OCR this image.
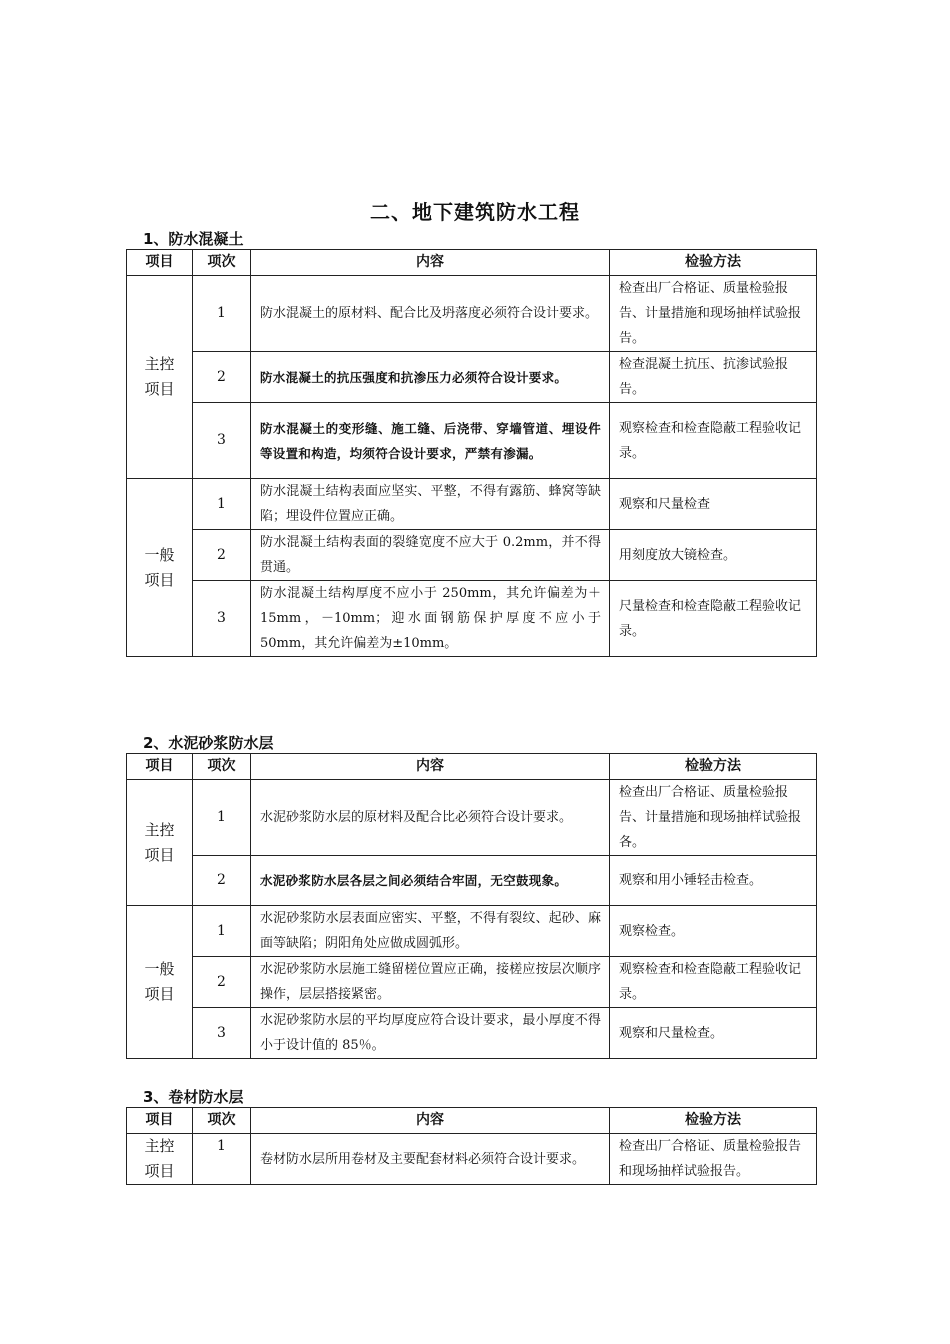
二、地下建筑防水工程
1、防水混凝土
项目	项次	内容	检验方法
主控项目	1	防水混凝土的原材料、配合比及坍落度必须符合设计要求。	检查出厂合格证、质量检验报告、计量措施和现场抽样试验报告。
	2	防水混凝土的抗压强度和抗渗压力必须符合设计要求。	检查混凝土抗压、抗渗试验报告。
	3	防水混凝土的变形缝、施工缝、后浇带、穿墙管道、埋设件等设置和构造，均须符合设计要求，严禁有渗漏。	观察检查和检查隐蔽工程验收记录。
一般项目	1	防水混凝土结构表面应坚实、平整，不得有露筋、蜂窝等缺陷；埋设件位置应正确。	观察和尺量检查
	2	防水混凝土结构表面的裂缝宽度不应大于 0.2mm，并不得贯通。	用刻度放大镜检查。
	3	防水混凝土结构厚度不应小于 250mm，其允许偏差为＋15mm，－10mm；迎水面钢筋保护厚度不应小于 50mm，其允许偏差为±10mm。	尺量检查和检查隐蔽工程验收记录。
2、水泥砂浆防水层
项目	项次	内容	检验方法
主控项目	1	水泥砂浆防水层的原材料及配合比必须符合设计要求。	检查出厂合格证、质量检验报告、计量措施和现场抽样试验报各。
	2	水泥砂浆防水层各层之间必须结合牢固，无空鼓现象。	观察和用小锤轻击检查。
一般项目	1	水泥砂浆防水层表面应密实、平整，不得有裂纹、起砂、麻面等缺陷；阴阳角处应做成圆弧形。	观察检查。
	2	水泥砂浆防水层施工缝留槎位置应正确，接槎应按层次顺序操作，层层搭接紧密。	观察检查和检查隐蔽工程验收记录。
	3	水泥砂浆防水层的平均厚度应符合设计要求，最小厚度不得小于设计值的 85％。	观察和尺量检查。
3、卷材防水层
项目	项次	内容	检验方法
主控项目	1	卷材防水层所用卷材及主要配套材料必须符合设计要求。	检查出厂合格证、质量检验报告和现场抽样试验报告。
